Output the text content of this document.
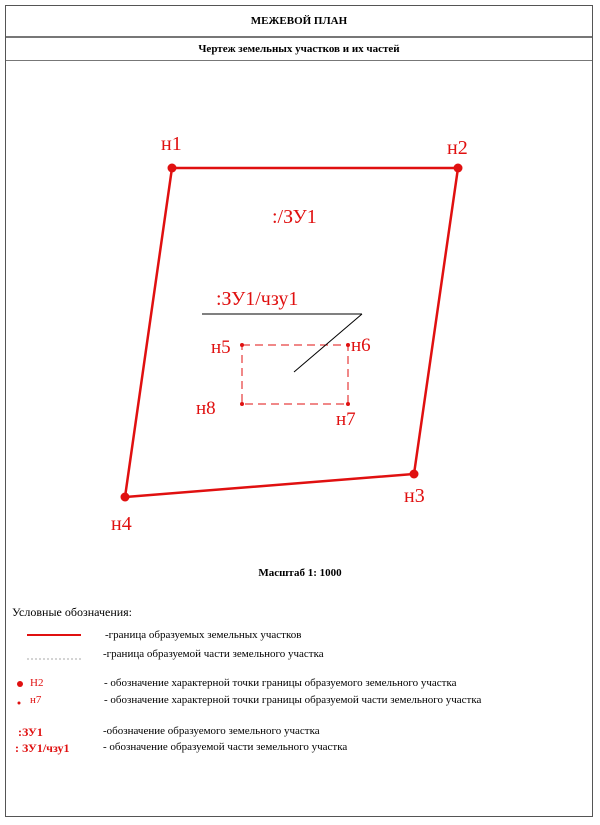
МЕЖЕВОЙ ПЛАН
Чертеж земельных участков и их частей
н1	н2
н3
н4
н5	н6
н7
н8
:/ЗУ1
:ЗУ1/чзу1
Масштаб 1: 1000
Условные обозначения:
-граница образуемых земельных участков
-граница образуемой части земельного участка
Н2	- обозначение характерной точки границы образуемого земельного участка
н7	- обозначение характерной точки границы образуемой части земельного участка
:ЗУ1	-обозначение образуемого земельного участка
: ЗУ1/чзу1	- обозначение образуемой части земельного участка
